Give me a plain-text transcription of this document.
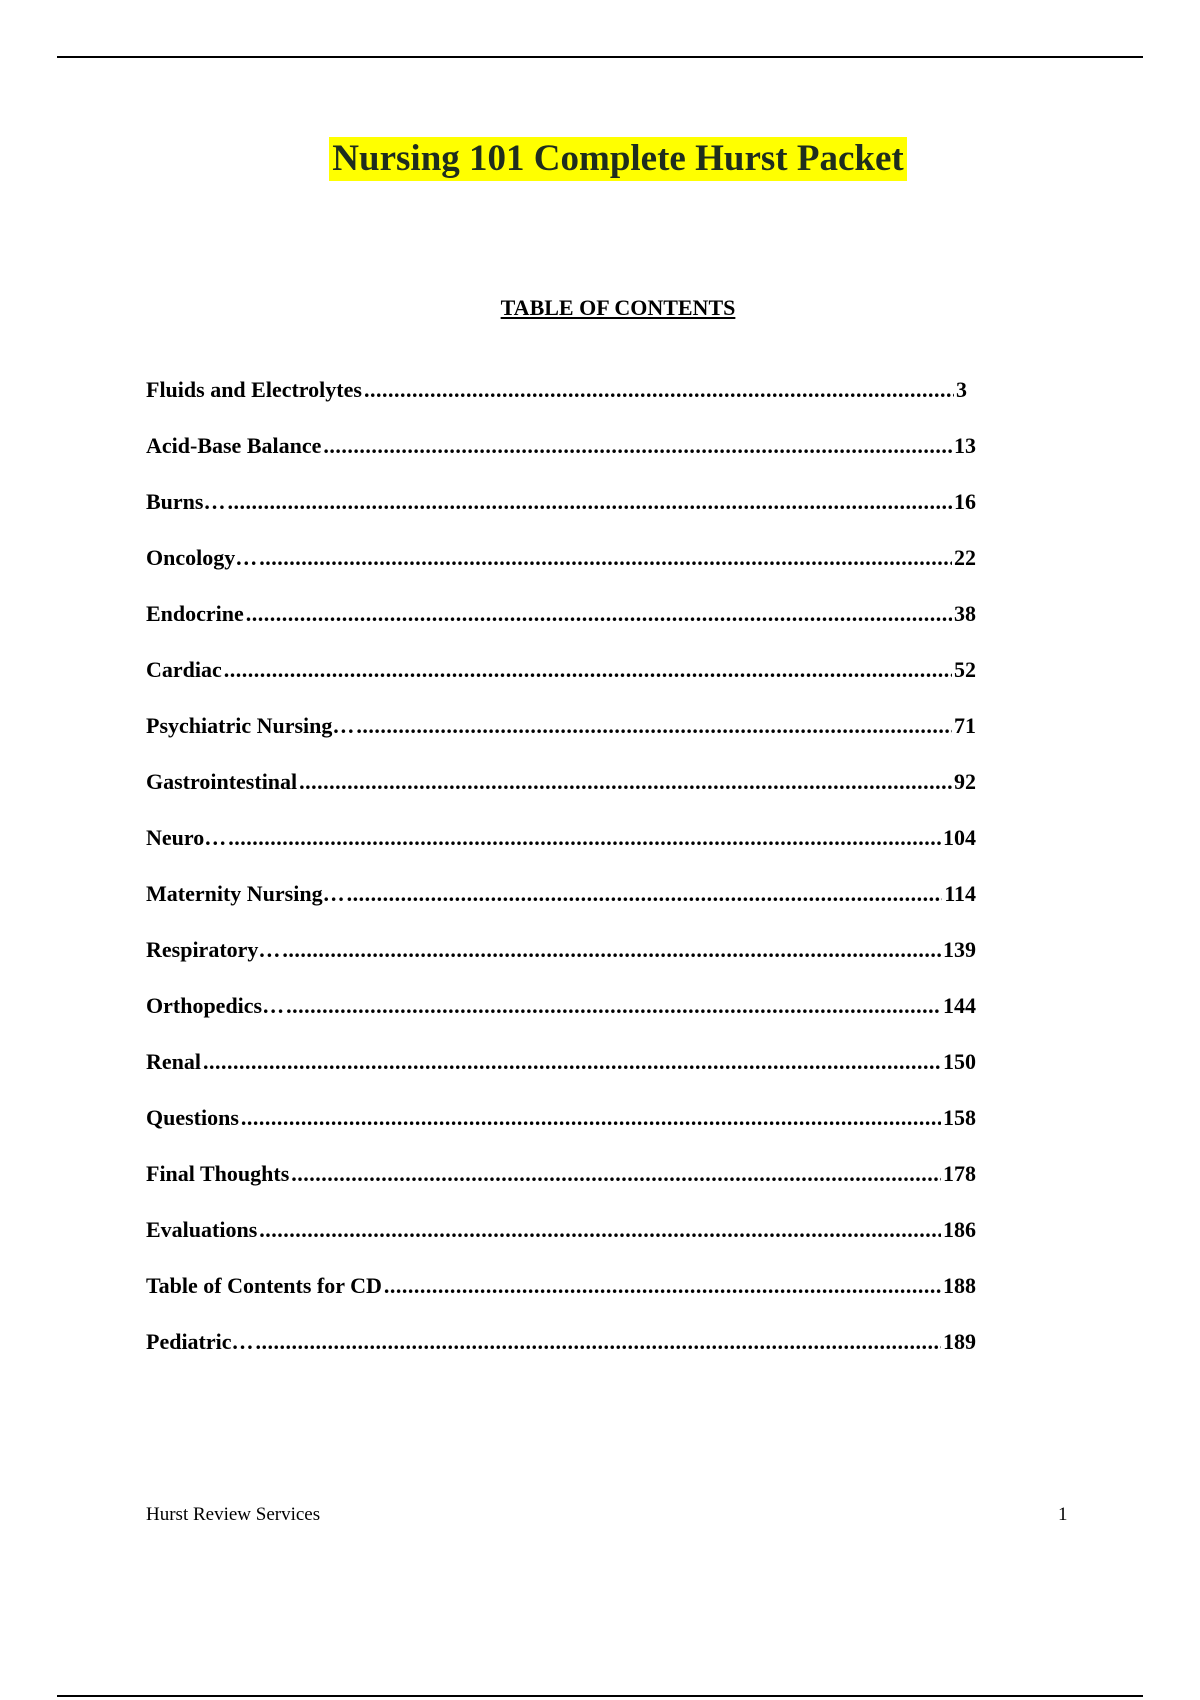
Nursing 101 Complete Hurst Packet
TABLE OF CONTENTS
Fluids and Electrolytes .....	3
Acid-Base Balance .....	13
Burns… .....	16
Oncology… .....	22
Endocrine .....	38
Cardiac .....	52
Psychiatric Nursing… .....	71
Gastrointestinal .....	92
Neuro… .....	104
Maternity Nursing… .....	114
Respiratory… .....	139
Orthopedics… .....	144
Renal .....	150
Questions .....	158
Final Thoughts .....	178
Evaluations .....	186
Table of Contents for CD .....	188
Pediatric… .....	189
Hurst Review Services	1
